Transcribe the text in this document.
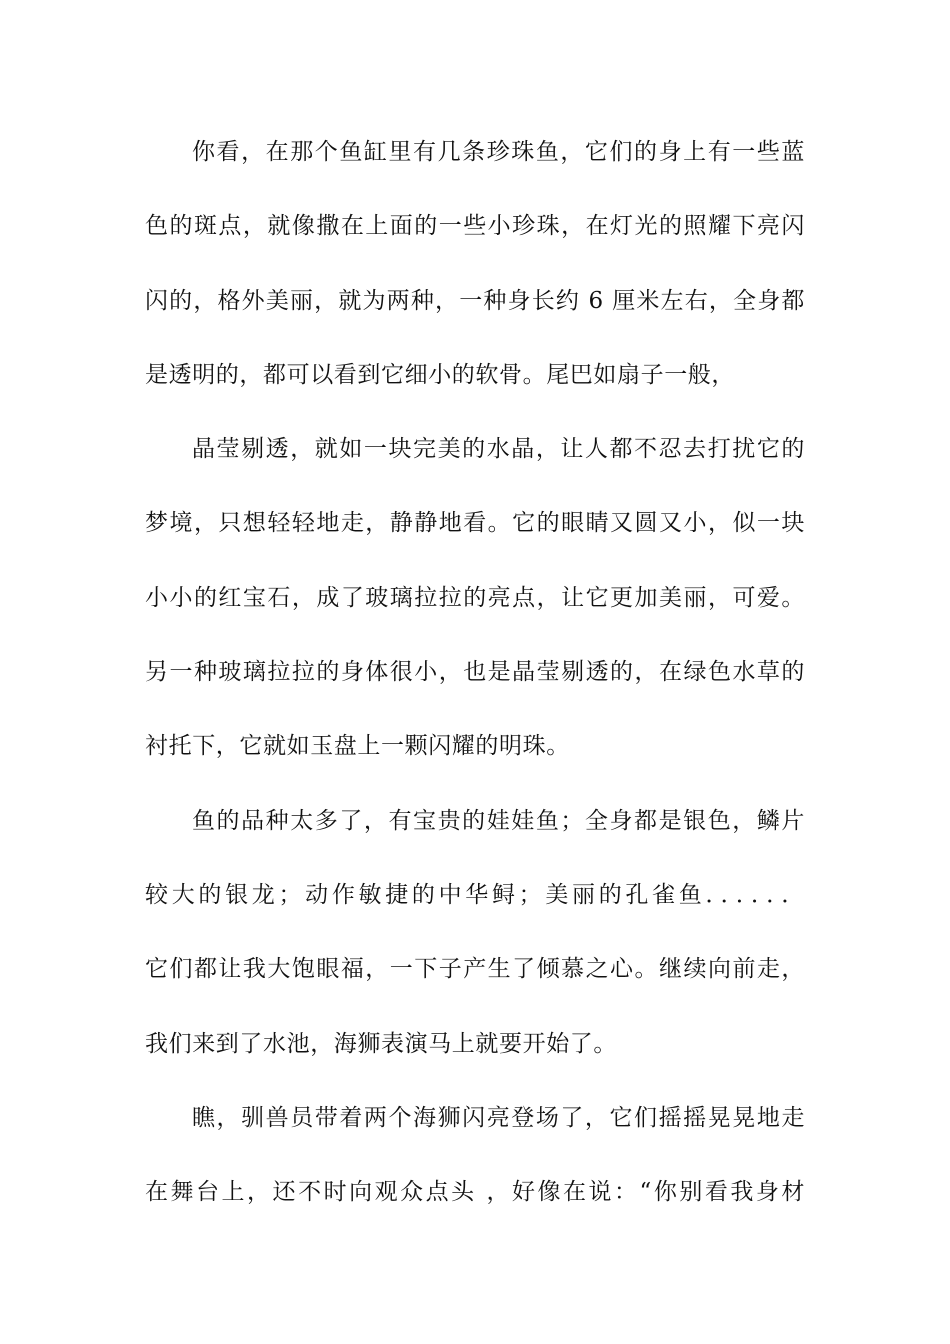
你看，在那个鱼缸里有几条珍珠鱼，它们的身上有一些蓝
色的斑点，就像撒在上面的一些小珍珠，在灯光的照耀下亮闪
闪的，格外美丽，就为两种，一种身长约 6 厘米左右，全身都
是透明的，都可以看到它细小的软骨。尾巴如扇子一般，
晶莹剔透，就如一块完美的水晶，让人都不忍去打扰它的
梦境，只想轻轻地走，静静地看。它的眼睛又圆又小，似一块
小小的红宝石，成了玻璃拉拉的亮点，让它更加美丽，可爱。
另一种玻璃拉拉的身体很小，也是晶莹剔透的，在绿色水草的
衬托下，它就如玉盘上一颗闪耀的明珠。
鱼的品种太多了，有宝贵的娃娃鱼；全身都是银色，鳞片
较大的银龙；动作敏捷的中华鲟；美丽的孔雀鱼．．．．．．
它们都让我大饱眼福，一下子产生了倾慕之心。继续向前走，
我们来到了水池，海狮表演马上就要开始了。
瞧，驯兽员带着两个海狮闪亮登场了，它们摇摇晃晃地走
在舞台上，还不时向观众点头 ，好像在说：“你别看我身材
